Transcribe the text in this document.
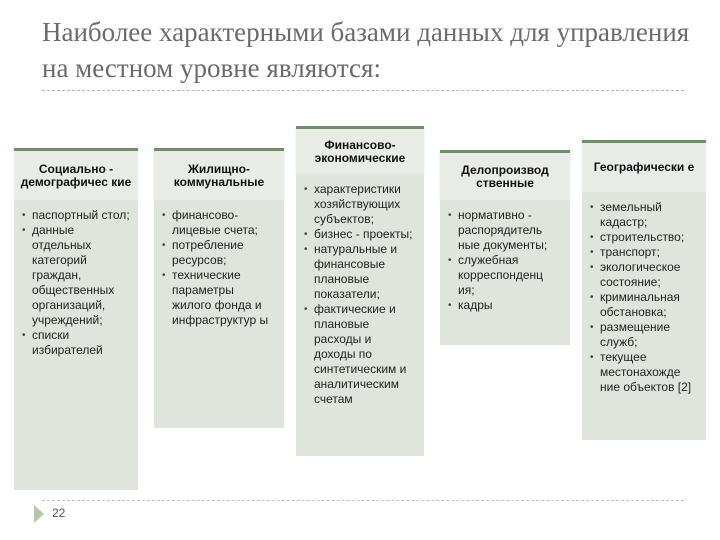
Наиболее характерными базами данных для управления на местном уровне являются:
Социально - демографичес кие
• паспортный стол;
• данные отдельных категорий граждан, общественных организаций, учреждений;
• списки избирателей
Жилищно-коммунальные
• финансово-лицевые счета;
• потребление ресурсов;
• технические параметры жилого фонда и инфраструктур ы
Финансово-экономические
• характеристики хозяйствующих субъектов;
• бизнес - проекты;
• натуральные и финансовые плановые показатели;
• фактические и плановые расходы и доходы по синтетическим и аналитическим счетам
Делопроизвод ственные
• нормативно - распорядитель ные документы;
• служебная корреспонденц ия;
• кадры
Географически е
• земельный кадастр;
• строительство;
• транспорт;
• экологическое состояние;
• криминальная обстановка;
• размещение служб;
• текущее местонахожде ние объектов [2]
22
